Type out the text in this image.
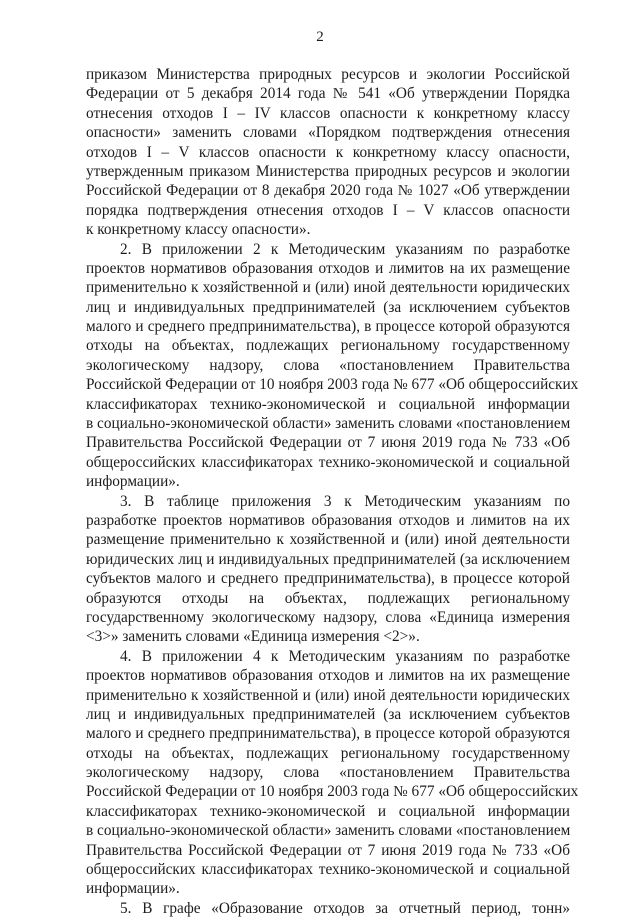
2
приказом Министерства природных ресурсов и экологии Российской
Федерации от 5 декабря 2014 года № 541 «Об утверждении Порядка
отнесения отходов I – IV классов опасности к конкретному классу
опасности» заменить словами «Порядком подтверждения отнесения
отходов I – V классов опасности к конкретному классу опасности,
утвержденным приказом Министерства природных ресурсов и экологии
Российской Федерации от 8 декабря 2020 года № 1027 «Об утверждении
порядка подтверждения отнесения отходов I – V классов опасности
к конкретному классу опасности».
2. В приложении 2 к Методическим указаниям по разработке
проектов нормативов образования отходов и лимитов на их размещение
применительно к хозяйственной и (или) иной деятельности юридических
лиц и индивидуальных предпринимателей (за исключением субъектов
малого и среднего предпринимательства), в процессе которой образуются
отходы на объектах, подлежащих региональному государственному
экологическому надзору, слова «постановлением Правительства
Российской Федерации от 10 ноября 2003 года № 677 «Об общероссийских
классификаторах технико-экономической и социальной информации
в социально-экономической области» заменить словами «постановлением
Правительства Российской Федерации от 7 июня 2019 года № 733 «Об
общероссийских классификаторах технико-экономической и социальной
информации».
3. В таблице приложения 3 к Методическим указаниям по
разработке проектов нормативов образования отходов и лимитов на их
размещение применительно к хозяйственной и (или) иной деятельности
юридических лиц и индивидуальных предпринимателей (за исключением
субъектов малого и среднего предпринимательства), в процессе которой
образуются отходы на объектах, подлежащих региональному
государственному экологическому надзору, слова «Единица измерения
<3>» заменить словами «Единица измерения <2>».
4. В приложении 4 к Методическим указаниям по разработке
проектов нормативов образования отходов и лимитов на их размещение
применительно к хозяйственной и (или) иной деятельности юридических
лиц и индивидуальных предпринимателей (за исключением субъектов
малого и среднего предпринимательства), в процессе которой образуются
отходы на объектах, подлежащих региональному государственному
экологическому надзору, слова «постановлением Правительства
Российской Федерации от 10 ноября 2003 года № 677 «Об общероссийских
классификаторах технико-экономической и социальной информации
в социально-экономической области» заменить словами «постановлением
Правительства Российской Федерации от 7 июня 2019 года № 733 «Об
общероссийских классификаторах технико-экономической и социальной
информации».
5. В графе «Образование отходов за отчетный период, тонн»
